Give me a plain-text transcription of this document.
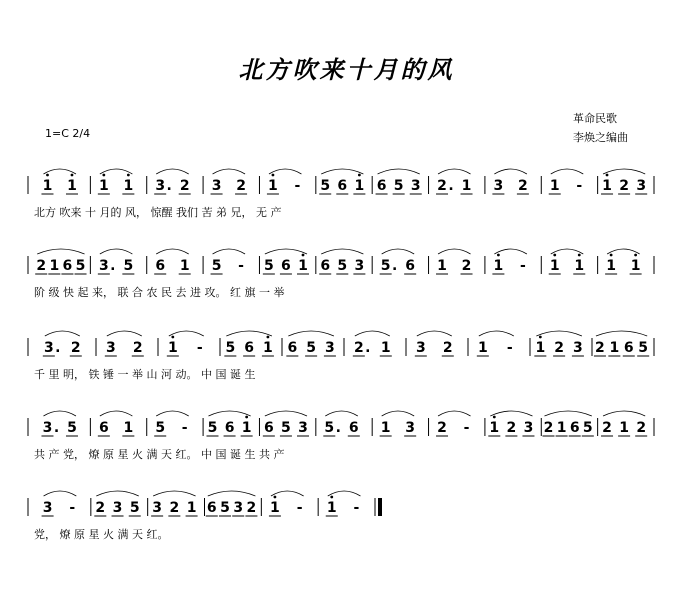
北方吹来十月的风
1=C 2/4
革命民歌
李焕之编曲
1 1 1 1 3 . 2 3 2 1 - 5 6 1 6 5 3 2 . 1 3 2 1 - 1 2 3
北方 吹来 十 月的 风， 惊醒 我们 苦 弟 兄， 无 产
2 1 6 5 3 . 5 6 1 5 - 5 6 1 6 5 3 5 . 6 1 2 1 - 1 1 1 1
阶 级 快 起 来， 联 合 农 民 去 进 攻。 红 旗 一 举
3 . 2 3 2 1 - 5 6 1 6 5 3 2 . 1 3 2 1 - 1 2 3 2 1 6 5
千 里 明， 铁 锤 一 举 山 河 动。 中 国 诞 生
3 . 5 6 1 5 - 5 6 1 6 5 3 5 . 6 1 3 2 - 1 2 3 2 1 6 5 2 1 2
共 产 党， 燎 原 星 火 满 天 红。 中 国 诞 生 共 产
3 - 2 3 5 3 2 1 6 5 3 2 1 - 1 -
党， 燎 原 星 火 满 天 红。
